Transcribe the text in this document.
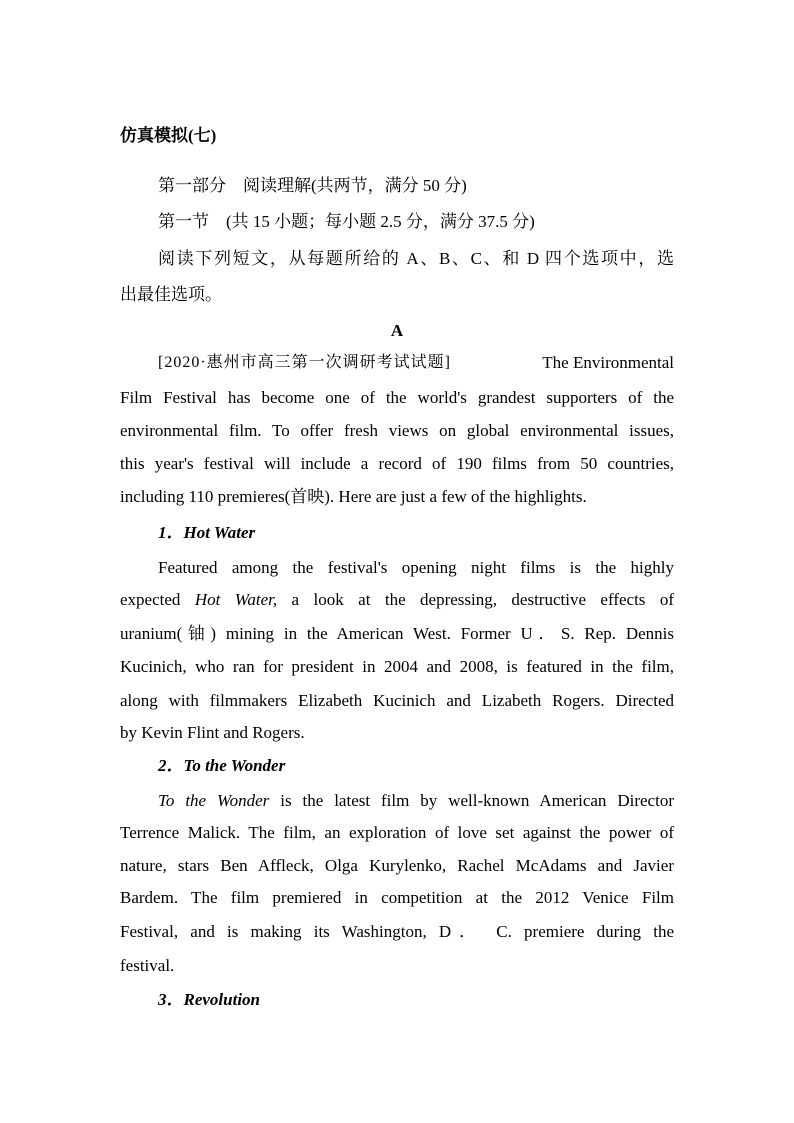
仿真模拟(七)
第一部分　阅读理解(共两节，满分 50 分)
第一节　(共 15 小题；每小题 2.5 分，满分 37.5 分)
阅读下列短文，从每题所给的 A、B、C、和 D 四个选项中，选
出最佳选项。
A
[2020·惠州市高三第一次调研考试试题]	The Environmental
Film Festival has become one of the world's grandest supporters of the
environmental film. To offer fresh views on global environmental issues,
this year's festival will include a record of 190 films from 50 countries,
including 110 premieres(首映). Here are just a few of the highlights.
1．Hot Water
Featured among the festival's opening night films is the highly
expected Hot Water, a look at the depressing, destructive effects of
uranium(铀) mining in the American West. Former U．S. Rep. Dennis
Kucinich, who ran for president in 2004 and 2008, is featured in the film,
along with filmmakers Elizabeth Kucinich and Lizabeth Rogers. Directed
by Kevin Flint and Rogers.
2．To the Wonder
To the Wonder is the latest film by well-known American Director
Terrence Malick. The film, an exploration of love set against the power of
nature, stars Ben Affleck, Olga Kurylenko, Rachel McAdams and Javier
Bardem. The film premiered in competition at the 2012 Venice Film
Festival, and is making its Washington, D． C. premiere during the
festival.
3．Revolution
